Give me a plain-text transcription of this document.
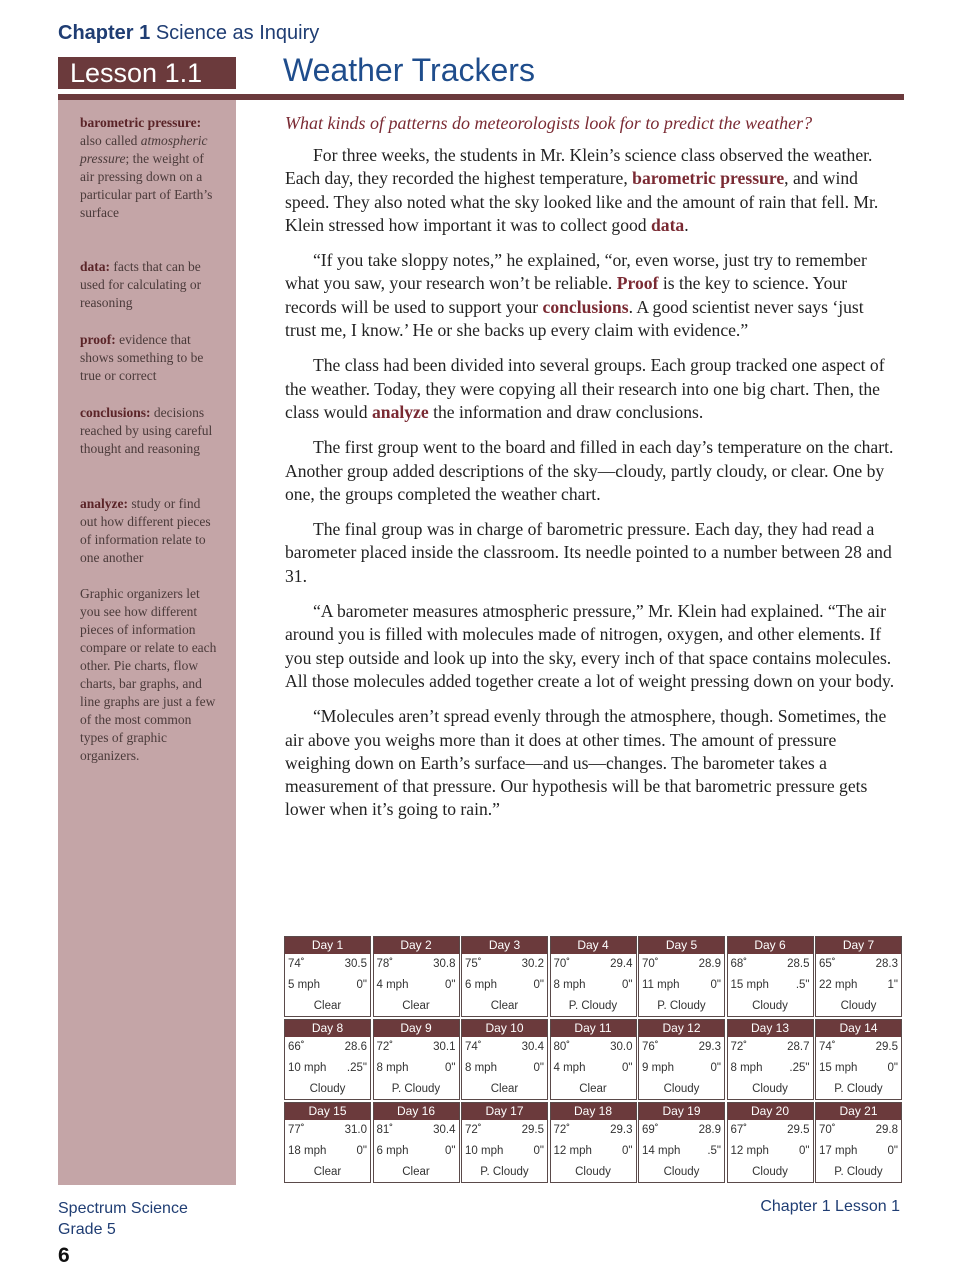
Chapter 1 Science as Inquiry
Lesson 1.1	Weather Trackers
barometric pressure: also called atmospheric pressure; the weight of air pressing down on a particular part of Earth’s surface
data: facts that can be used for calculating or reasoning
proof: evidence that shows something to be true or correct
conclusions: decisions reached by using careful thought and reasoning
analyze: study or find out how different pieces of information relate to one another
Graphic organizers let you see how different pieces of information compare or relate to each other. Pie charts, flow charts, bar graphs, and line graphs are just a few of the most common types of graphic organizers.
What kinds of patterns do meteorologists look for to predict the weather?

For three weeks, the students in Mr. Klein’s science class observed the weather. Each day, they recorded the highest temperature, barometric pressure, and wind speed. They also noted what the sky looked like and the amount of rain that fell. Mr. Klein stressed how important it was to collect good data.

“If you take sloppy notes,” he explained, “or, even worse, just try to remember what you saw, your research won’t be reliable. Proof is the key to science. Your records will be used to support your conclusions. A good scientist never says ‘just trust me, I know.’ He or she backs up every claim with evidence.”

The class had been divided into several groups. Each group tracked one aspect of the weather. Today, they were copying all their research into one big chart. Then, the class would analyze the information and draw conclusions.

The first group went to the board and filled in each day’s temperature on the chart. Another group added descriptions of the sky—cloudy, partly cloudy, or clear. One by one, the groups completed the weather chart.

The final group was in charge of barometric pressure. Each day, they had read a barometer placed inside the classroom. Its needle pointed to a number between 28 and 31.

“A barometer measures atmospheric pressure,” Mr. Klein had explained. “The air around you is filled with molecules made of nitrogen, oxygen, and other elements. If you step outside and look up into the sky, every inch of that space contains molecules. All those molecules added together create a lot of weight pressing down on your body.

“Molecules aren’t spread evenly through the atmosphere, though. Sometimes, the air above you weighs more than it does at other times. The amount of pressure weighing down on Earth’s surface—and us—changes. The barometer takes a measurement of that pressure. Our hypothesis will be that barometric pressure gets lower when it’s going to rain.”

Day 1
74˚	30.5
5 mph	0"
Clear
Day 2
78˚	30.8
4 mph	0"
Clear
Day 3
75˚	30.2
6 mph	0"
Clear
Day 4
70˚	29.4
8 mph	0"
P. Cloudy
Day 5
70˚	28.9
11 mph	0"
P. Cloudy
Day 6
68˚	28.5
15 mph .5"
Cloudy
Day 7
65˚	28.3
22 mph	1"
Cloudy
Day 8
66˚	28.6
10 mph .25"
Cloudy
Day 9
72˚	30.1
8 mph	0"
P. Cloudy
Day 10
74˚	30.4
8 mph	0"
Clear
Day 11
80˚	30.0
4 mph	0"
Clear
Day 12
76˚	29.3
9 mph	0"
Cloudy
Day 13
72˚	28.7
8 mph .25"
Cloudy
Day 14
74˚	29.5
15 mph	0"
P. Cloudy
Day 15
77˚	31.0
18 mph	0"
Clear
Day 16
81˚	30.4
6 mph	0"
Clear
Day 17
72˚	29.5
10 mph	0"
P. Cloudy
Day 18
72˚	29.3
12 mph	0"
Cloudy
Day 19
69˚	28.9
14 mph .5"
Cloudy
Day 20
67˚	29.5
12 mph	0"
Cloudy
Day 21
70˚	29.8
17 mph	0"
P. Cloudy
Spectrum Science
Grade 5
Chapter 1 Lesson 1
6
